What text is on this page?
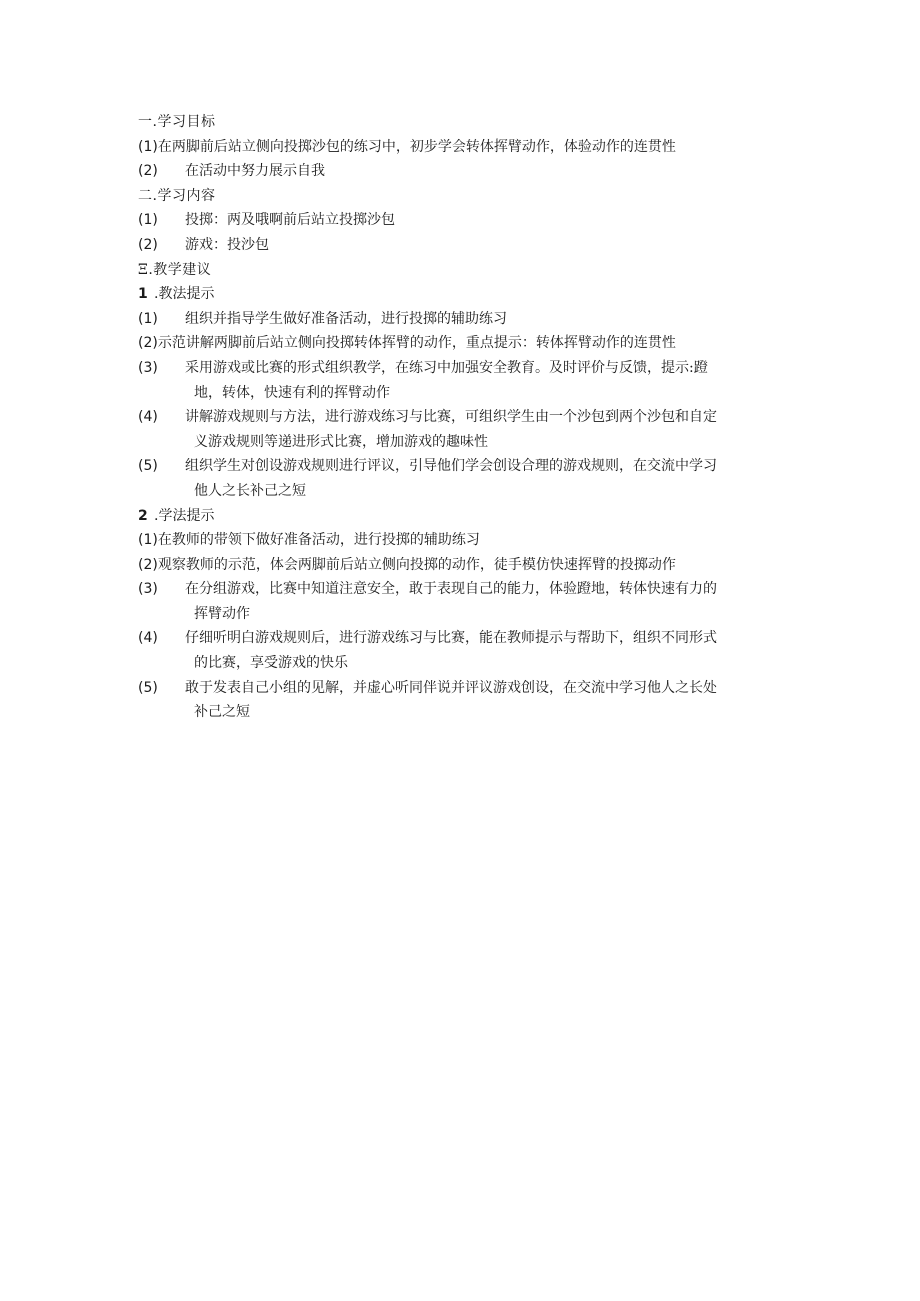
一.学习目标
(1)在两脚前后站立侧向投掷沙包的练习中，初步学会转体挥臂动作，体验动作的连贯性
(2) 在活动中努力展示自我
二.学习内容
(1) 投掷：两及哦啊前后站立投掷沙包
(2) 游戏：投沙包
Ξ.教学建议
1 .教法提示
(1) 组织并指导学生做好准备活动，进行投掷的辅助练习
(2)示范讲解两脚前后站立侧向投掷转体挥臂的动作，重点提示：转体挥臂动作的连贯性
(3) 采用游戏或比赛的形式组织教学，在练习中加强安全教育。及时评价与反馈，提示:蹬
地，转体，快速有利的挥臂动作
(4) 讲解游戏规则与方法，进行游戏练习与比赛，可组织学生由一个沙包到两个沙包和自定
义游戏规则等递进形式比赛，增加游戏的趣味性
(5) 组织学生对创设游戏规则进行评议，引导他们学会创设合理的游戏规则，在交流中学习
他人之长补己之短
2 .学法提示
(1)在教师的带领下做好准备活动，进行投掷的辅助练习
(2)观察教师的示范，体会两脚前后站立侧向投掷的动作，徒手模仿快速挥臂的投掷动作
(3) 在分组游戏，比赛中知道注意安全，敢于表现自己的能力，体验蹬地，转体快速有力的
挥臂动作
(4) 仔细听明白游戏规则后，进行游戏练习与比赛，能在教师提示与帮助下，组织不同形式
的比赛，享受游戏的快乐
(5) 敢于发表自己小组的见解，并虚心听同伴说并评议游戏创设，在交流中学习他人之长处
补己之短
